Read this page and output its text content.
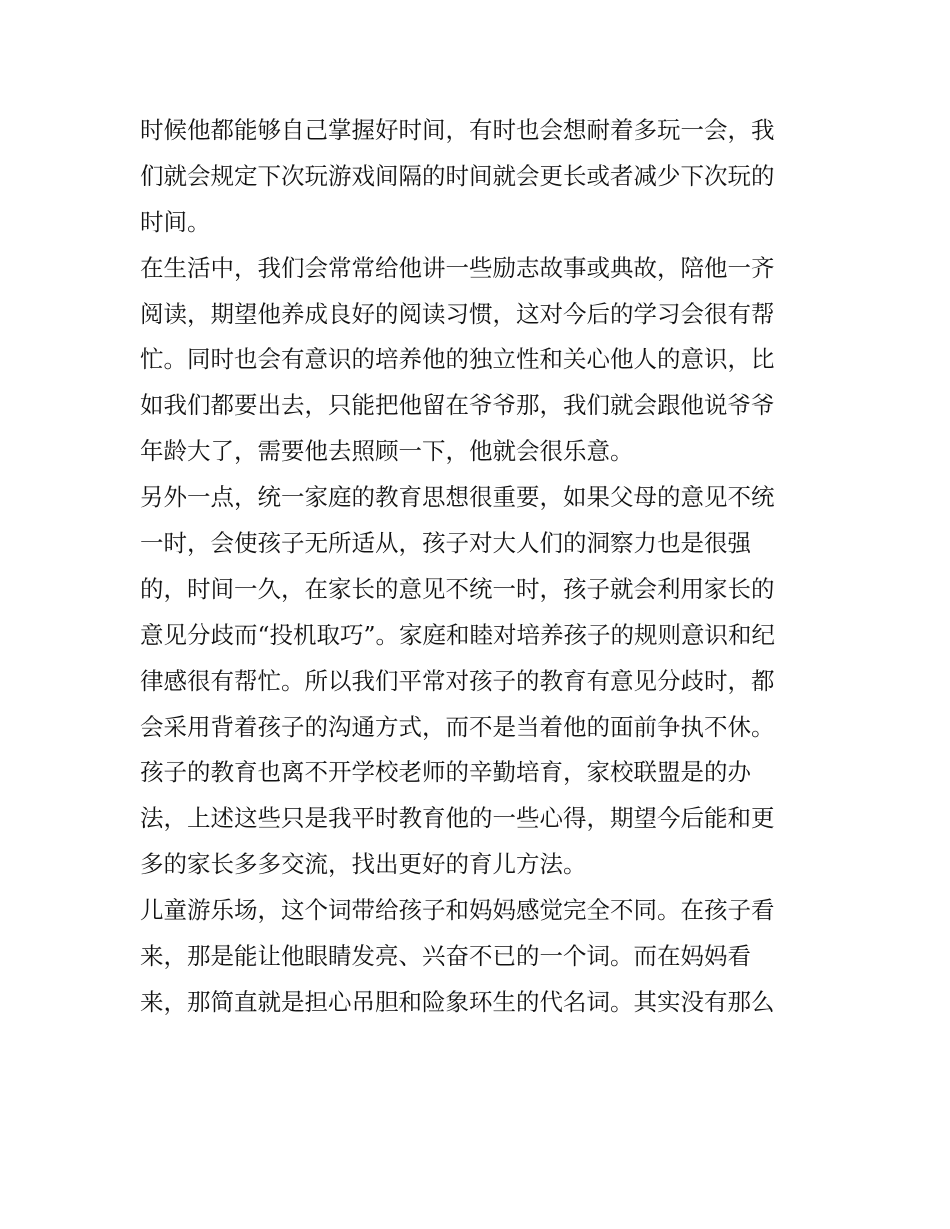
时候他都能够自己掌握好时间，有时也会想耐着多玩一会，我
们就会规定下次玩游戏间隔的时间就会更长或者减少下次玩的
时间。
在生活中，我们会常常给他讲一些励志故事或典故，陪他一齐
阅读，期望他养成良好的阅读习惯，这对今后的学习会很有帮
忙。同时也会有意识的培养他的独立性和关心他人的意识，比
如我们都要出去，只能把他留在爷爷那，我们就会跟他说爷爷
年龄大了，需要他去照顾一下，他就会很乐意。
另外一点，统一家庭的教育思想很重要，如果父母的意见不统
一时，会使孩子无所适从，孩子对大人们的洞察力也是很强
的，时间一久，在家长的意见不统一时，孩子就会利用家长的
意见分歧而“投机取巧”。家庭和睦对培养孩子的规则意识和纪
律感很有帮忙。所以我们平常对孩子的教育有意见分歧时，都
会采用背着孩子的沟通方式，而不是当着他的面前争执不休。
孩子的教育也离不开学校老师的辛勤培育，家校联盟是的办
法，上述这些只是我平时教育他的一些心得，期望今后能和更
多的家长多多交流，找出更好的育儿方法。
儿童游乐场，这个词带给孩子和妈妈感觉完全不同。在孩子看
来，那是能让他眼睛发亮、兴奋不已的一个词。而在妈妈看
来，那简直就是担心吊胆和险象环生的代名词。其实没有那么
